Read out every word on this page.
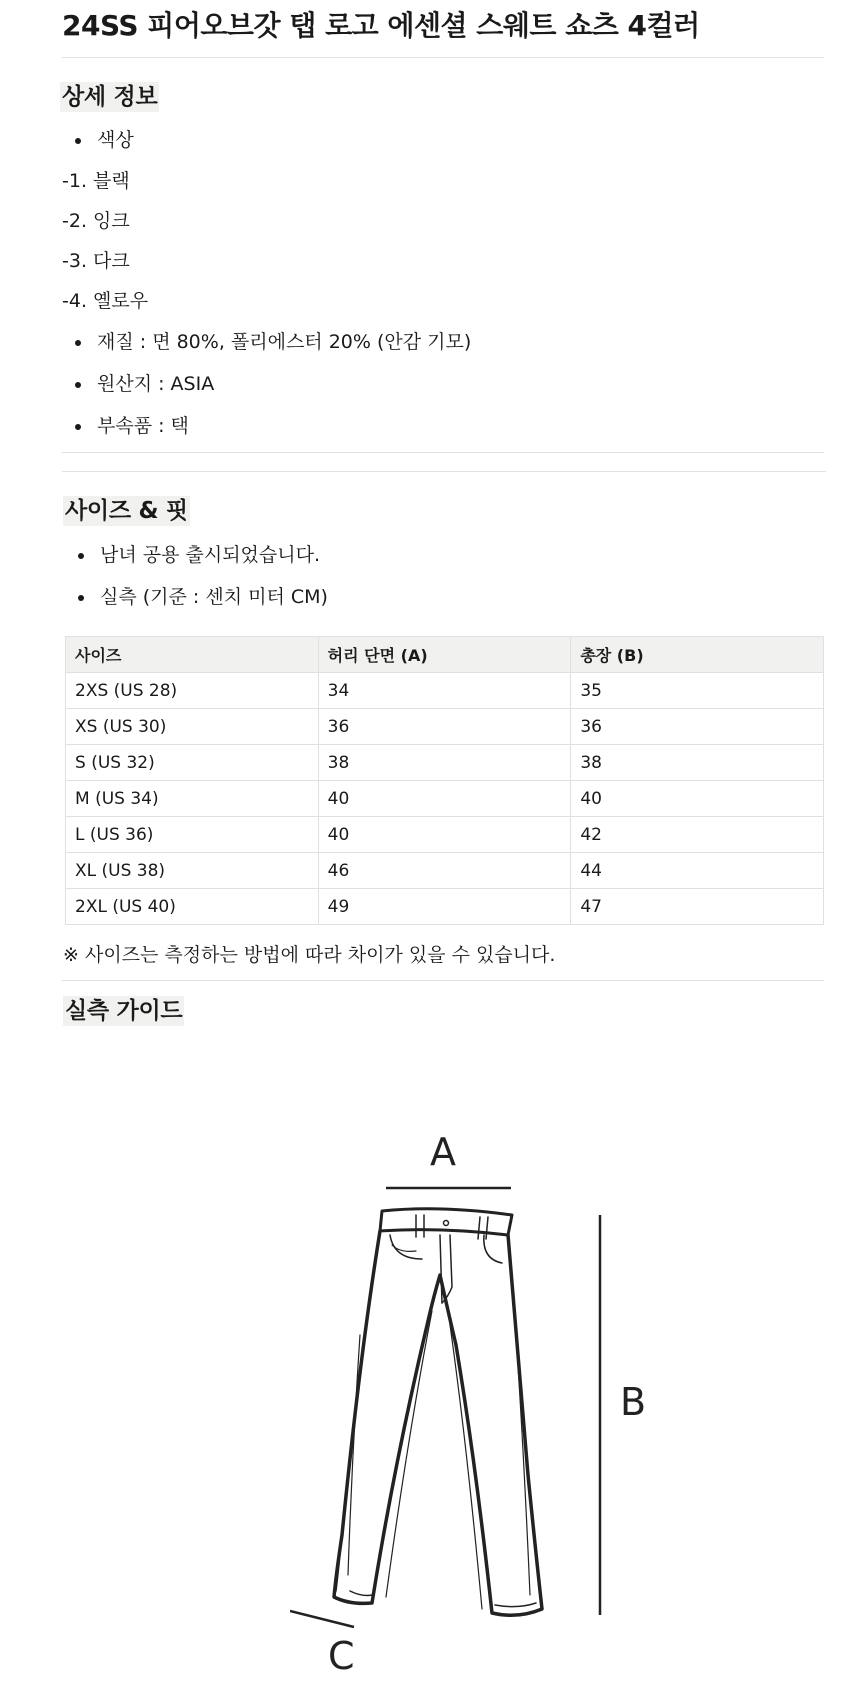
24SS 피어오브갓 탭 로고 에센셜 스웨트 쇼츠 4컬러
상세 정보
색상
-1. 블랙
-2. 잉크
-3. 다크
-4. 옐로우
재질 : 면 80%, 폴리에스터 20% (안감 기모)
원산지 : ASIA
부속품 : 택
사이즈 & 핏
남녀 공용 출시되었습니다.
실측 (기준 : 센치 미터 CM)
사이즈	허리 단면 (A)	총장 (B)
2XS (US 28)	34	35
XS (US 30)	36	36
S (US 32)	38	38
M (US 34)	40	40
L (US 36)	40	42
XL (US 38)	46	44
2XL (US 40)	49	47
※ 사이즈는 측정하는 방법에 따라 차이가 있을 수 있습니다.
실측 가이드
A
B
C
